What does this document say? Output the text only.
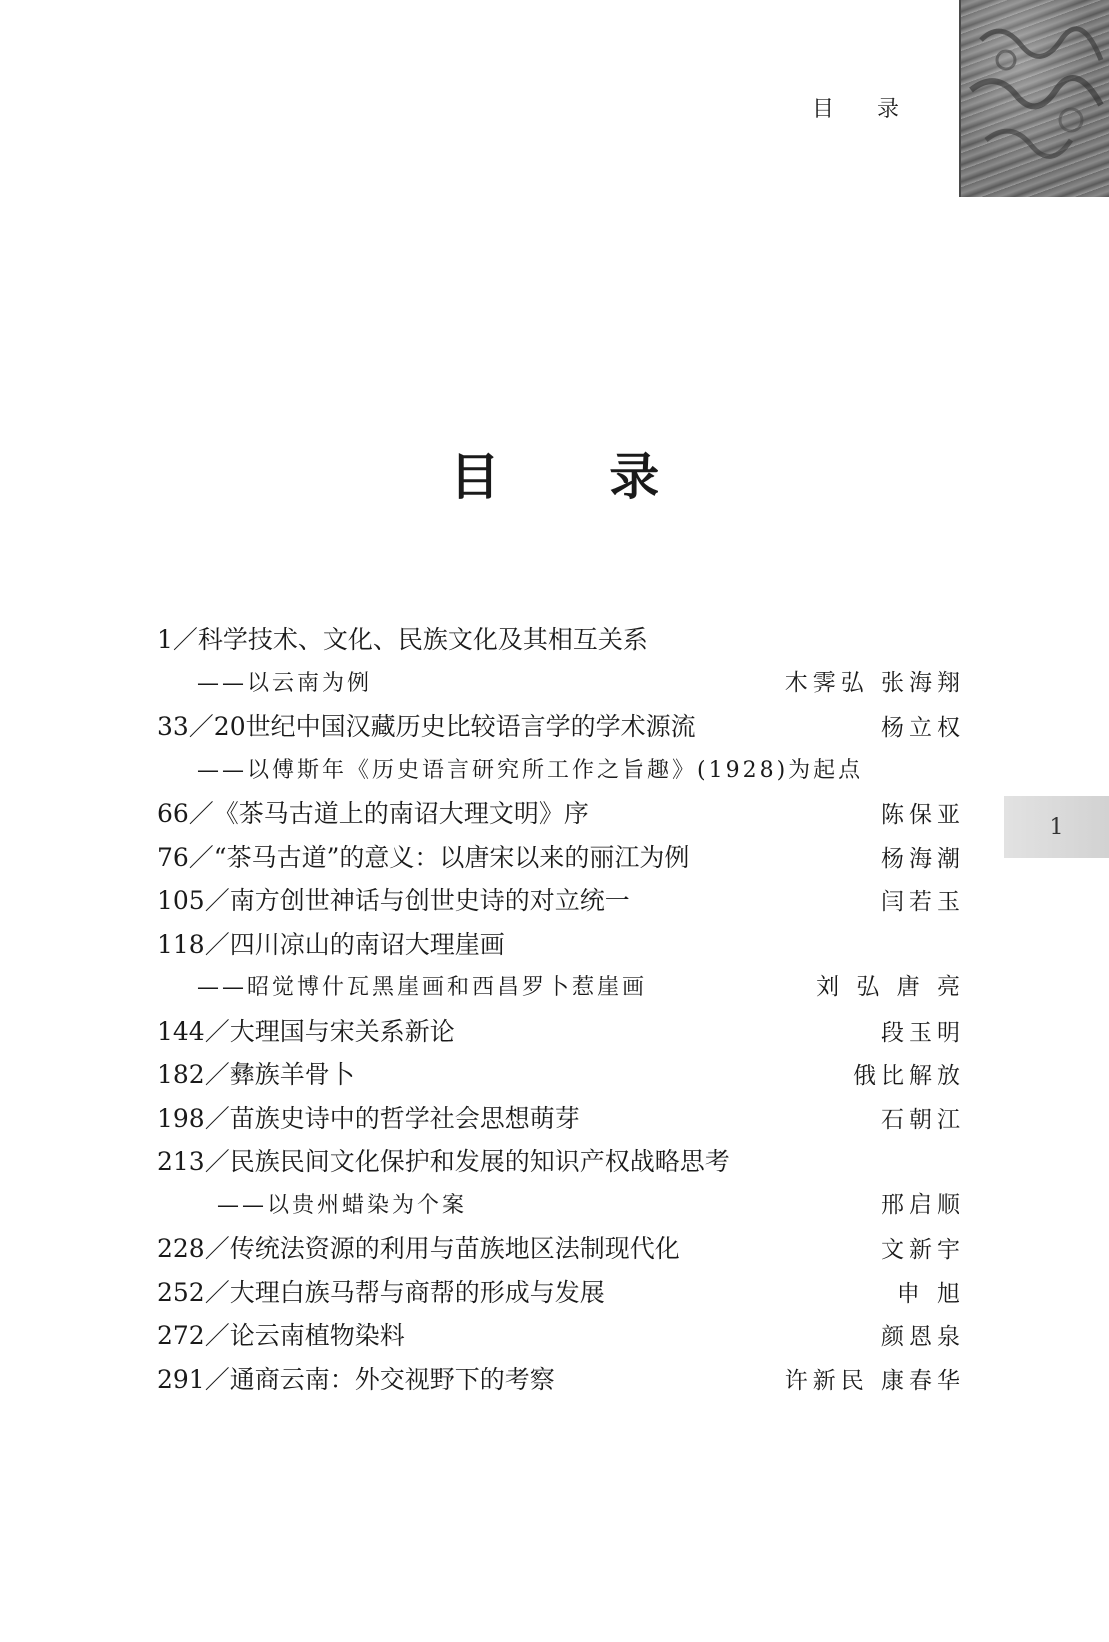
目 录
1
目 录
1／科学技术、文化、民族文化及其相互关系
——以云南为例	木霁弘 张海翔
33／20世纪中国汉藏历史比较语言学的学术源流	杨立权
——以傅斯年《历史语言研究所工作之旨趣》(1928)为起点
66／《茶马古道上的南诏大理文明》序	陈保亚
76／“茶马古道”的意义：以唐宋以来的丽江为例	杨海潮
105／南方创世神话与创世史诗的对立统一	闫若玉
118／四川凉山的南诏大理崖画
——昭觉博什瓦黑崖画和西昌罗卜惹崖画	刘 弘 唐 亮
144／大理国与宋关系新论	段玉明
182／彝族羊骨卜	俄比解放
198／苗族史诗中的哲学社会思想萌芽	石朝江
213／民族民间文化保护和发展的知识产权战略思考
——以贵州蜡染为个案	邢启顺
228／传统法资源的利用与苗族地区法制现代化	文新宇
252／大理白族马帮与商帮的形成与发展	申 旭
272／论云南植物染料	颜恩泉
291／通商云南：外交视野下的考察	许新民 康春华
